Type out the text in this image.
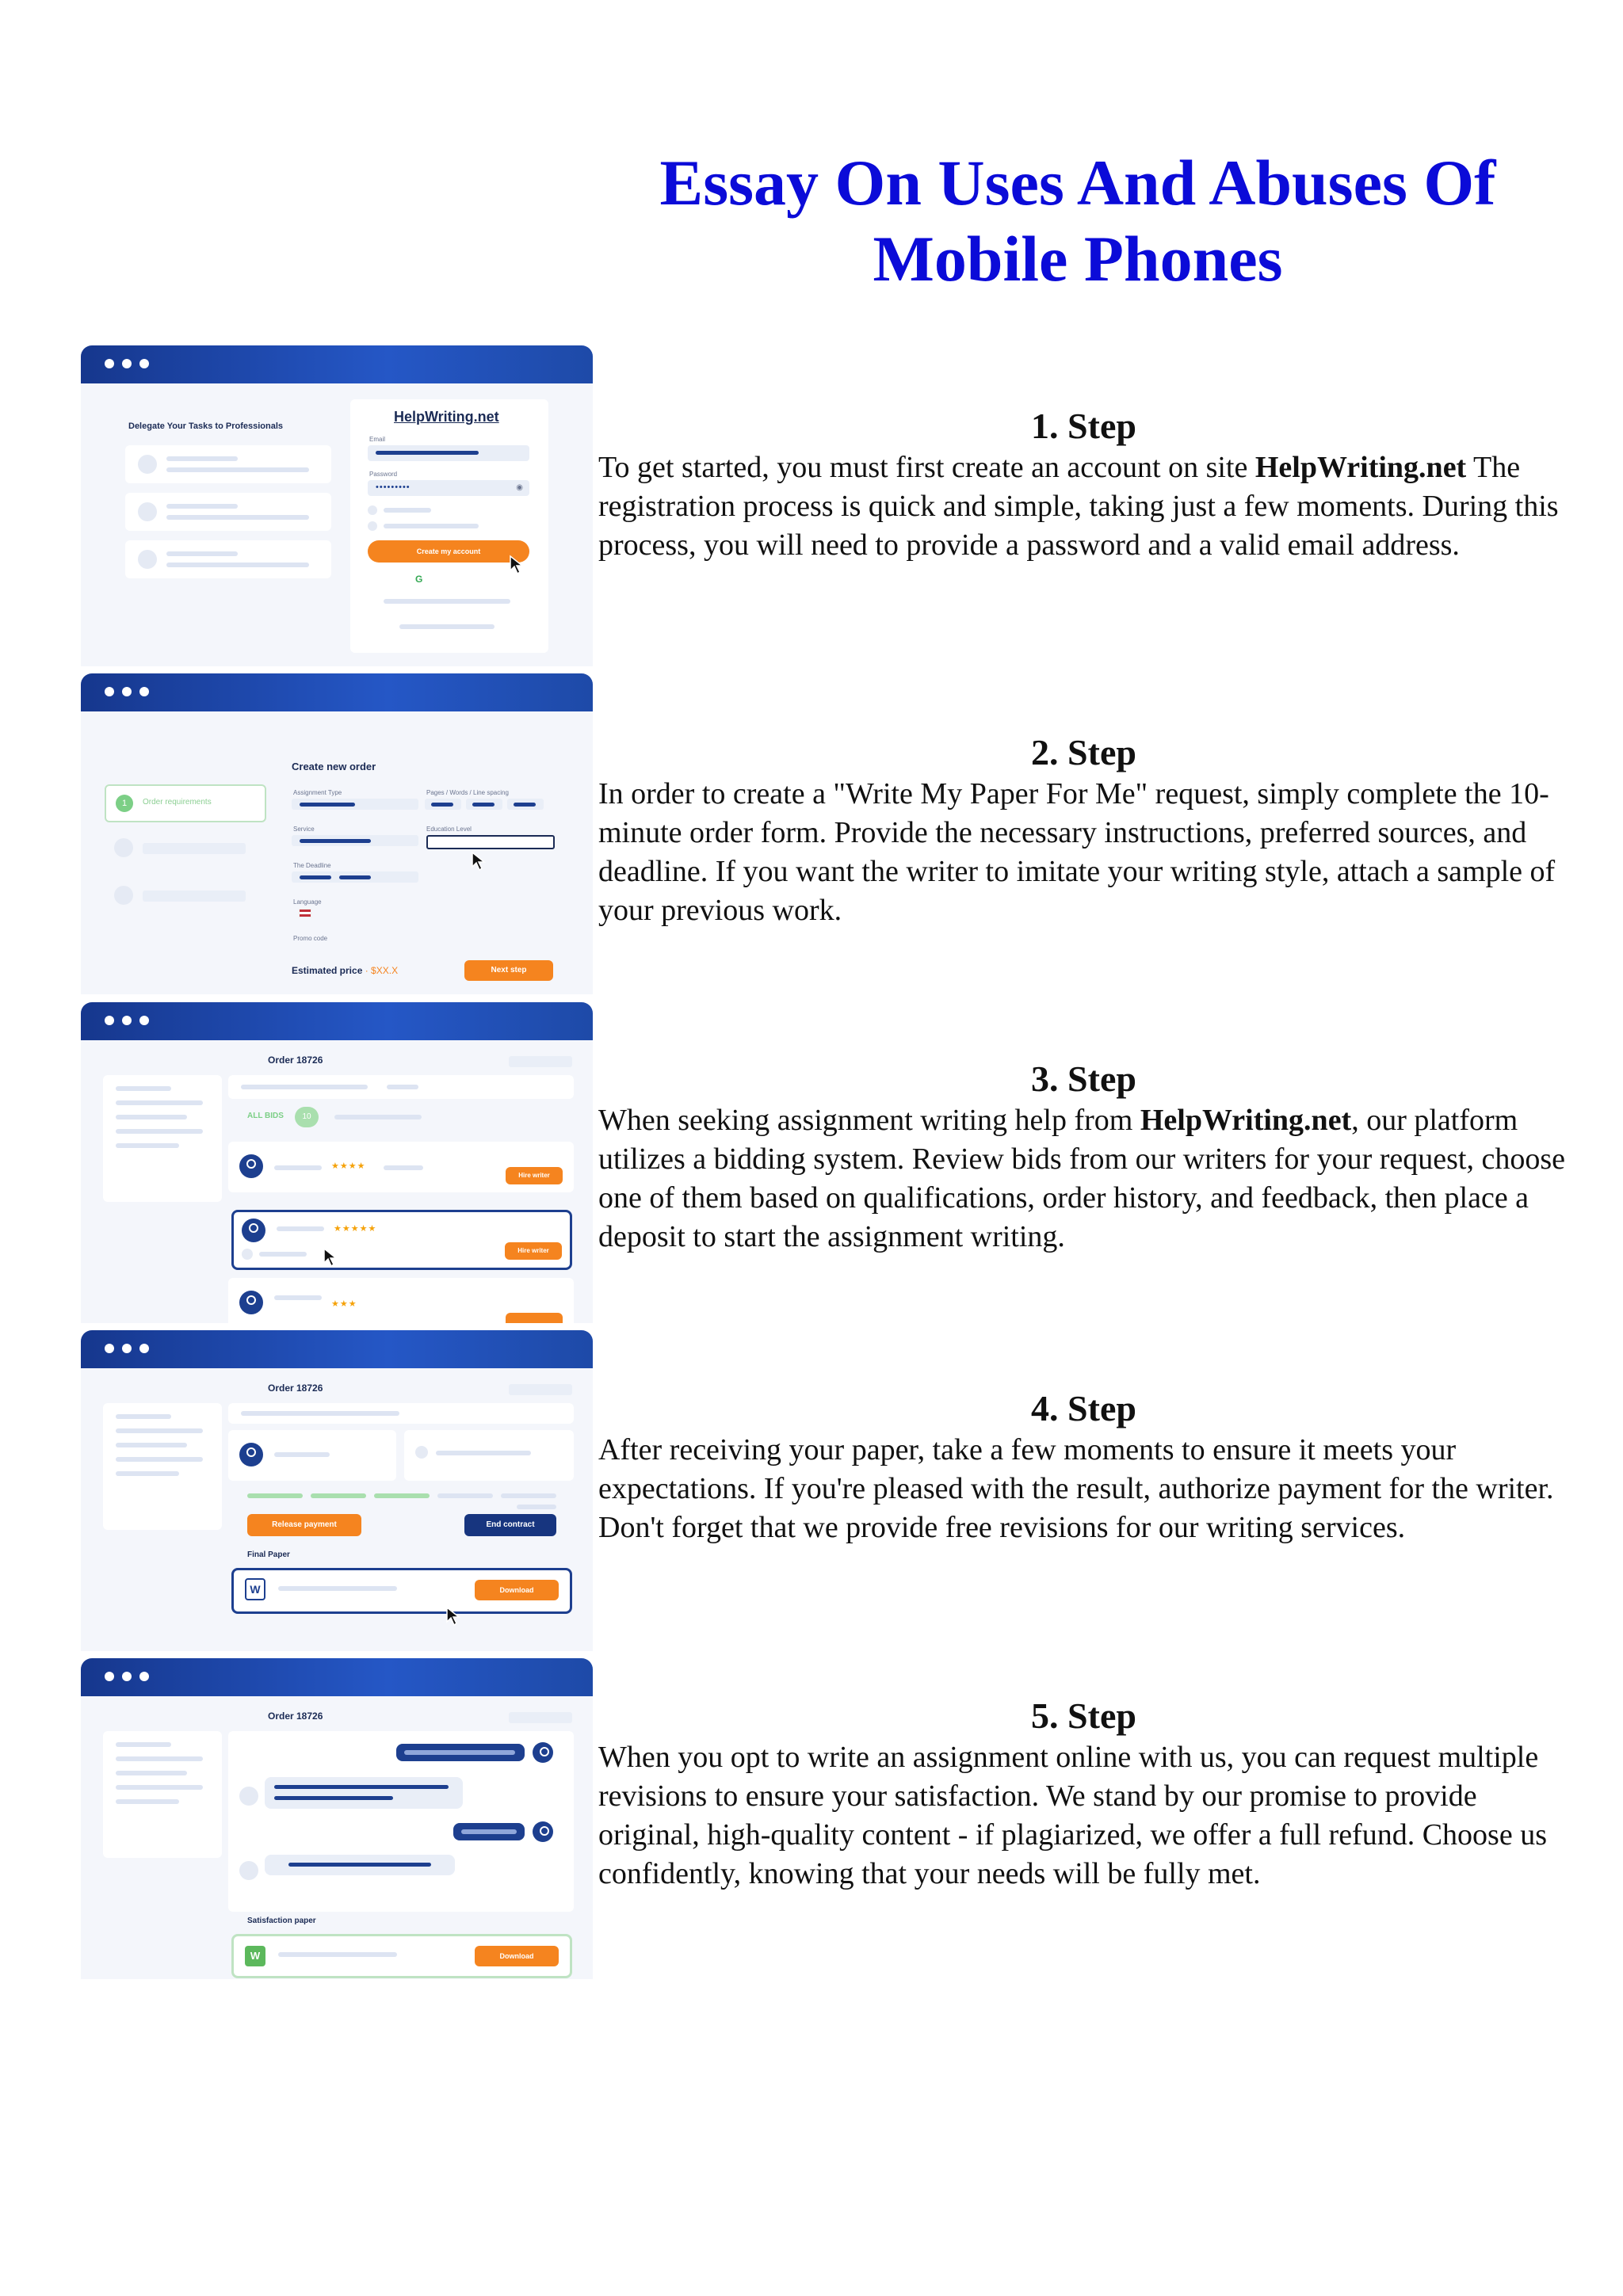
Essay On Uses And Abuses Of Mobile Phones
Delegate Your Tasks to Professionals
HelpWriting.net
Email
Password
•••••••••	◉
Create my account
G
1	Order requirements
Create new order
Assignment Type	Pages / Words / Line spacing
Service	Education Level
The Deadline
Language
Promo code
Estimated price · $XX.X	Next step
Order 18726
ALL BIDS	10
★★★★
Hire writer
★★★★★
Hire writer
★★★
Order 18726
Release payment	End contract
Final Paper
W	Download
Order 18726
Satisfaction paper
W	Download
1. Step

To get started, you must first create an account on site HelpWriting.net The registration process is quick and simple, taking just a few moments. During this process, you will need to provide a password and a valid email address.

2. Step

In order to create a "Write My Paper For Me" request, simply complete the 10-minute order form. Provide the necessary instructions, preferred sources, and deadline. If you want the writer to imitate your writing style, attach a sample of your previous work.

3. Step

When seeking assignment writing help from HelpWriting.net, our platform utilizes a bidding system. Review bids from our writers for your request, choose one of them based on qualifications, order history, and feedback, then place a deposit to start the assignment writing.

4. Step

After receiving your paper, take a few moments to ensure it meets your expectations. If you're pleased with the result, authorize payment for the writer. Don't forget that we provide free revisions for our writing services.

5. Step

When you opt to write an assignment online with us, you can request multiple revisions to ensure your satisfaction. We stand by our promise to provide original, high-quality content - if plagiarized, we offer a full refund. Choose us confidently, knowing that your needs will be fully met.
